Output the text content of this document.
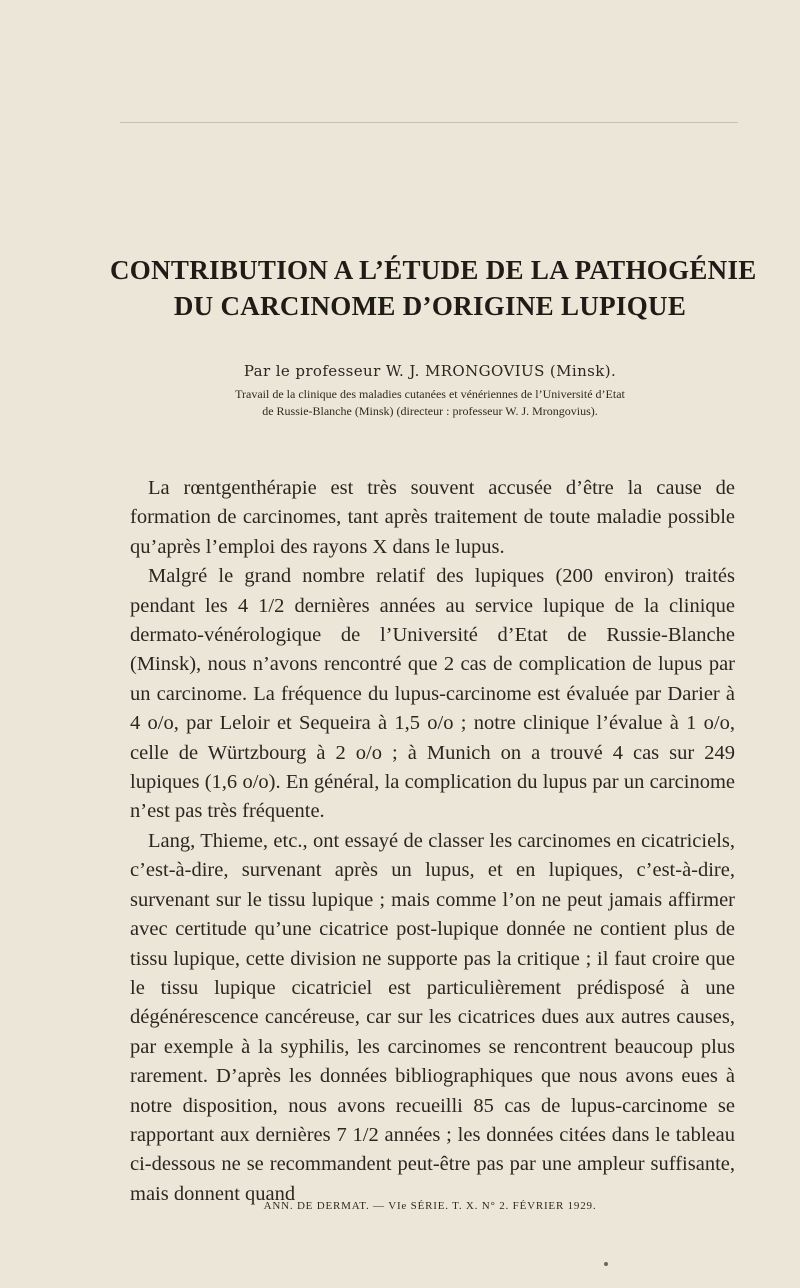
CONTRIBUTION A L’ÉTUDE DE LA PATHOGÉNIE
DU CARCINOME D’ORIGINE LUPIQUE
Par le professeur W. J. MRONGOVIUS (Minsk).
Travail de la clinique des maladies cutanées et vénériennes de l’Université d’Etat
de Russie-Blanche (Minsk) (directeur : professeur W. J. Mrongovius).

La rœntgenthérapie est très souvent accusée d’être la cause de formation de carcinomes, tant après traitement de toute maladie possible qu’après l’emploi des rayons X dans le lupus.

Malgré le grand nombre relatif des lupiques (200 environ) traités pendant les 4 1/2 dernières années au service lupique de la clinique dermato-vénérologique de l’Université d’Etat de Russie-Blanche (Minsk), nous n’avons rencontré que 2 cas de complication de lupus par un carcinome. La fréquence du lupus-carcinome est évaluée par Darier à 4 o/o, par Leloir et Sequeira à 1,5 o/o ; notre clinique l’évalue à 1 o/o, celle de Würtzbourg à 2 o/o ; à Munich on a trouvé 4 cas sur 249 lupiques (1,6 o/o). En général, la complication du lupus par un carcinome n’est pas très fréquente.

Lang, Thieme, etc., ont essayé de classer les carcinomes en cicatriciels, c’est-à-dire, survenant après un lupus, et en lupiques, c’est-à-dire, survenant sur le tissu lupique ; mais comme l’on ne peut jamais affirmer avec certitude qu’une cicatrice post-lupique donnée ne contient plus de tissu lupique, cette division ne supporte pas la critique ; il faut croire que le tissu lupique cicatriciel est particulièrement prédisposé à une dégénérescence cancéreuse, car sur les cicatrices dues aux autres causes, par exemple à la syphilis, les carcinomes se rencontrent beaucoup plus rarement. D’après les données bibliographiques que nous avons eues à notre disposition, nous avons recueilli 85 cas de lupus-carcinome se rapportant aux dernières 7 1/2 années ; les données citées dans le tableau ci-dessous ne se recommandent peut-être pas par une ampleur suffisante, mais donnent quand

ANN. DE DERMAT. — VIe SÉRIE. T. X. N° 2. FÉVRIER 1929.
